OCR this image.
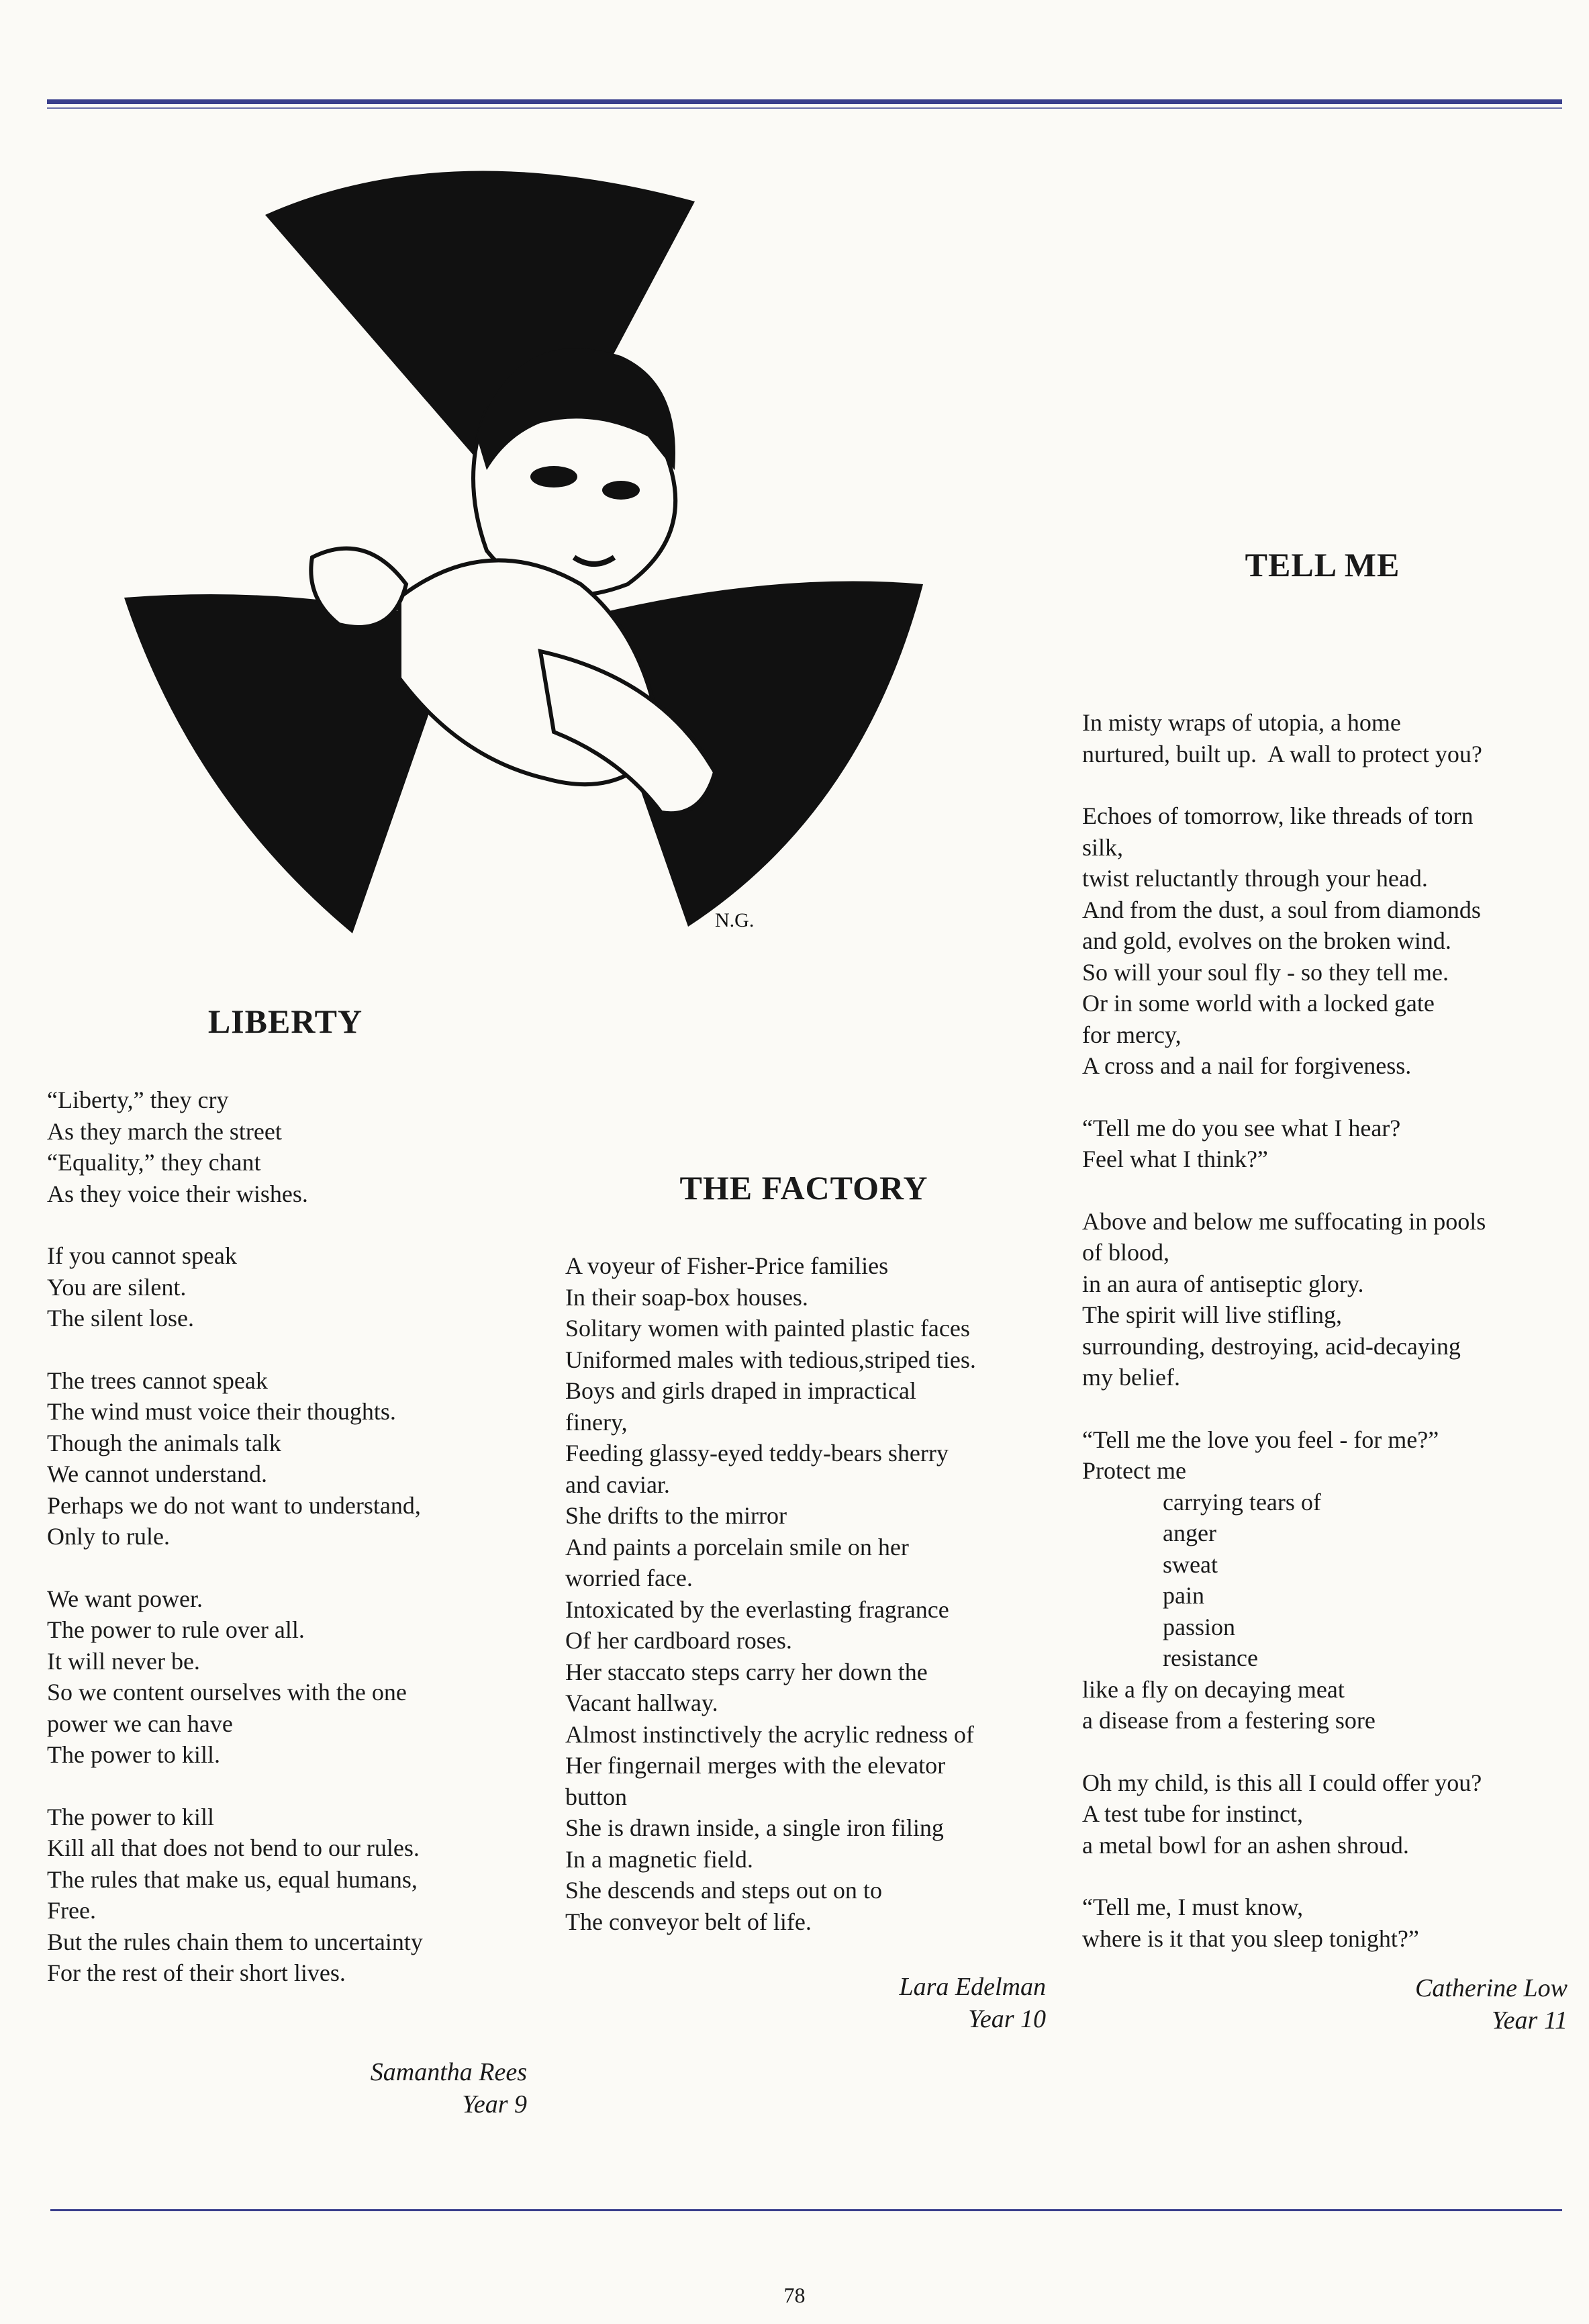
N.G.
LIBERTY
“Liberty,” they cry
As they march the street
“Equality,” they chant
As they voice their wishes.
If you cannot speak
You are silent.
The silent lose.
The trees cannot speak
The wind must voice their thoughts.
Though the animals talk
We cannot understand.
Perhaps we do not want to understand,
Only to rule.
We want power.
The power to rule over all.
It will never be.
So we content ourselves with the one
power we can have
The power to kill.
The power to kill
Kill all that does not bend to our rules.
The rules that make us, equal humans,
Free.
But the rules chain them to uncertainty
For the rest of their short lives.
Samantha Rees
Year 9
THE FACTORY
A voyeur of Fisher-Price families
In their soap-box houses.
Solitary women with painted plastic faces
Uniformed males with tedious,striped ties.
Boys and girls draped in impractical
finery,
Feeding glassy-eyed teddy-bears sherry
and caviar.
She drifts to the mirror
And paints a porcelain smile on her
worried face.
Intoxicated by the everlasting fragrance
Of her cardboard roses.
Her staccato steps carry her down the
Vacant hallway.
Almost instinctively the acrylic redness of
Her fingernail merges with the elevator
button
She is drawn inside, a single iron filing
In a magnetic field.
She descends and steps out on to
The conveyor belt of life.
Lara Edelman
Year 10
TELL ME
In misty wraps of utopia, a home
nurtured, built up.  A wall to protect you?
Echoes of tomorrow, like threads of torn
silk,
twist reluctantly through your head.
And from the dust, a soul from diamonds
and gold, evolves on the broken wind.
So will your soul fly - so they tell me.
Or in some world with a locked gate
for mercy,
A cross and a nail for forgiveness.
“Tell me do you see what I hear?
Feel what I think?”
Above and below me suffocating in pools
of blood,
in an aura of antiseptic glory.
The spirit will live stifling,
surrounding, destroying, acid-decaying
my belief.
“Tell me the love you feel - for me?”
Protect me
carrying tears of
anger
sweat
pain
passion
resistance
like a fly on decaying meat
a disease from a festering sore
Oh my child, is this all I could offer you?
A test tube for instinct,
a metal bowl for an ashen shroud.
“Tell me, I must know,
where is it that you sleep tonight?”
Catherine Low
Year 11
78
